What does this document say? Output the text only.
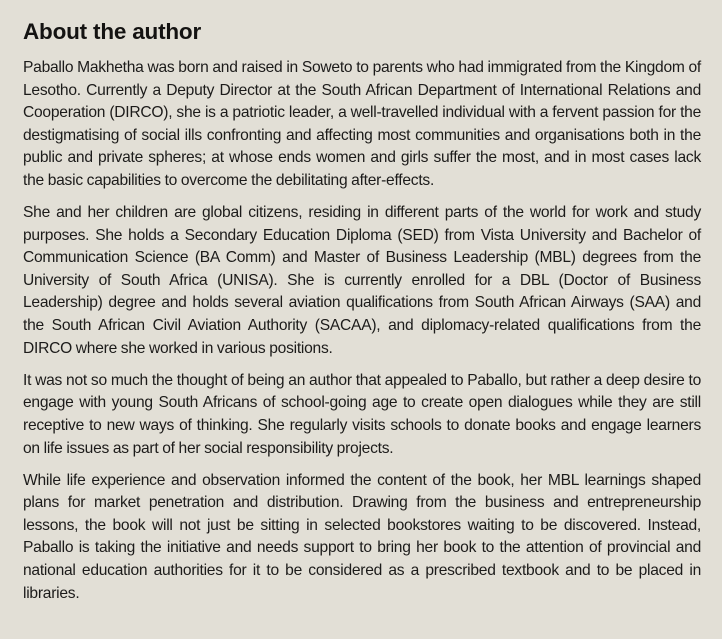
About the author

Paballo Makhetha was born and raised in Soweto to parents who had immigrated from the Kingdom of Lesotho. Currently a Deputy Director at the South African Department of International Relations and Cooperation (DIRCO), she is a patriotic leader, a well-travelled individual with a fervent passion for the destigmatising of social ills confronting and affecting most communities and organisations both in the public and private spheres; at whose ends women and girls suffer the most, and in most cases lack the basic capabilities to overcome the debilitating after-effects.

She and her children are global citizens, residing in different parts of the world for work and study purposes. She holds a Secondary Education Diploma (SED) from Vista University and Bachelor of Communication Science (BA Comm) and Master of Business Leadership (MBL) degrees from the University of South Africa (UNISA). She is currently enrolled for a DBL (Doctor of Business Leadership) degree and holds several aviation qualifications from South African Airways (SAA) and the South African Civil Aviation Authority (SACAA), and diplomacy-related qualifications from the DIRCO where she worked in various positions.

It was not so much the thought of being an author that appealed to Paballo, but rather a deep desire to engage with young South Africans of school-going age to create open dialogues while they are still receptive to new ways of thinking. She regularly visits schools to donate books and engage learners on life issues as part of her social responsibility projects.

While life experience and observation informed the content of the book, her MBL learnings shaped plans for market penetration and distribution. Drawing from the business and entrepreneurship lessons, the book will not just be sitting in selected bookstores waiting to be discovered. Instead, Paballo is taking the initiative and needs support to bring her book to the attention of provincial and national education authorities for it to be considered as a prescribed textbook and to be placed in libraries.
